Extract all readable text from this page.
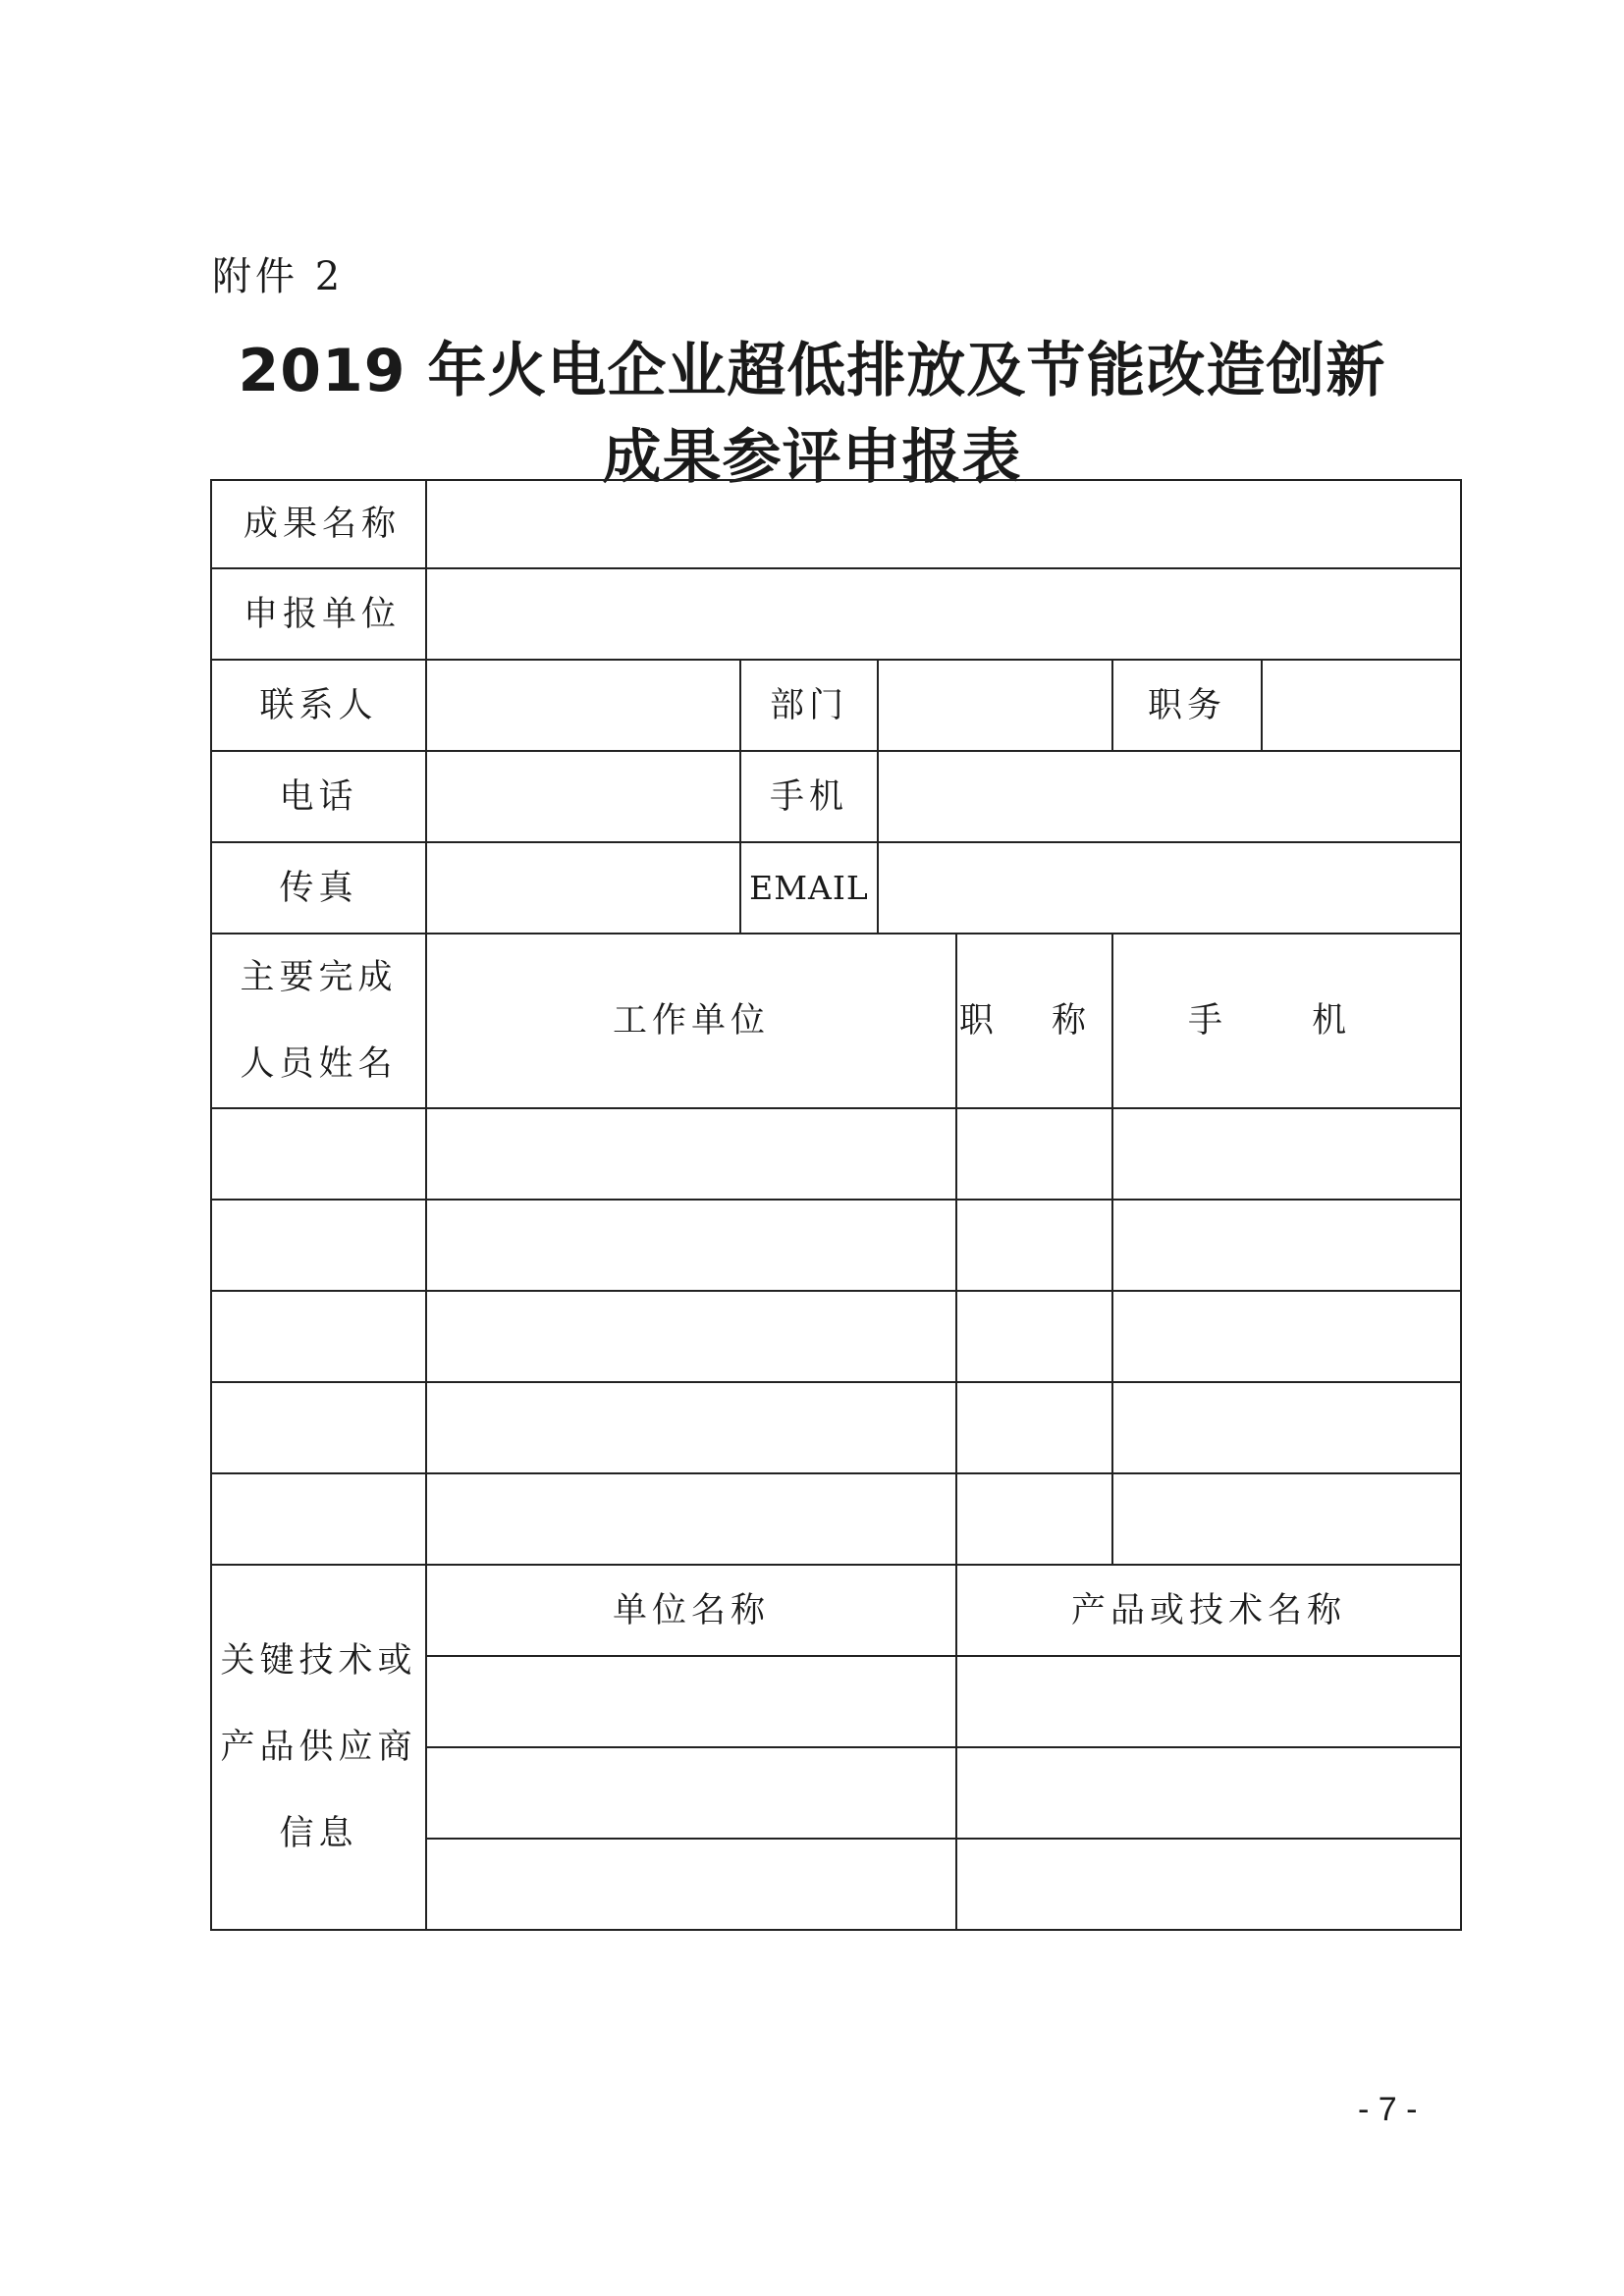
附件 2
2019 年火电企业超低排放及节能改造创新
成果参评申报表
成果名称						
申报单位						
联系人		部门			职务	
电话		手机				
传真		EMAIL				

主要完成
人员姓名	工作单位			职 称	手 机	

关键技术或
产品供应商
信息	单位名称			产品或技术名称		

- 7 -
